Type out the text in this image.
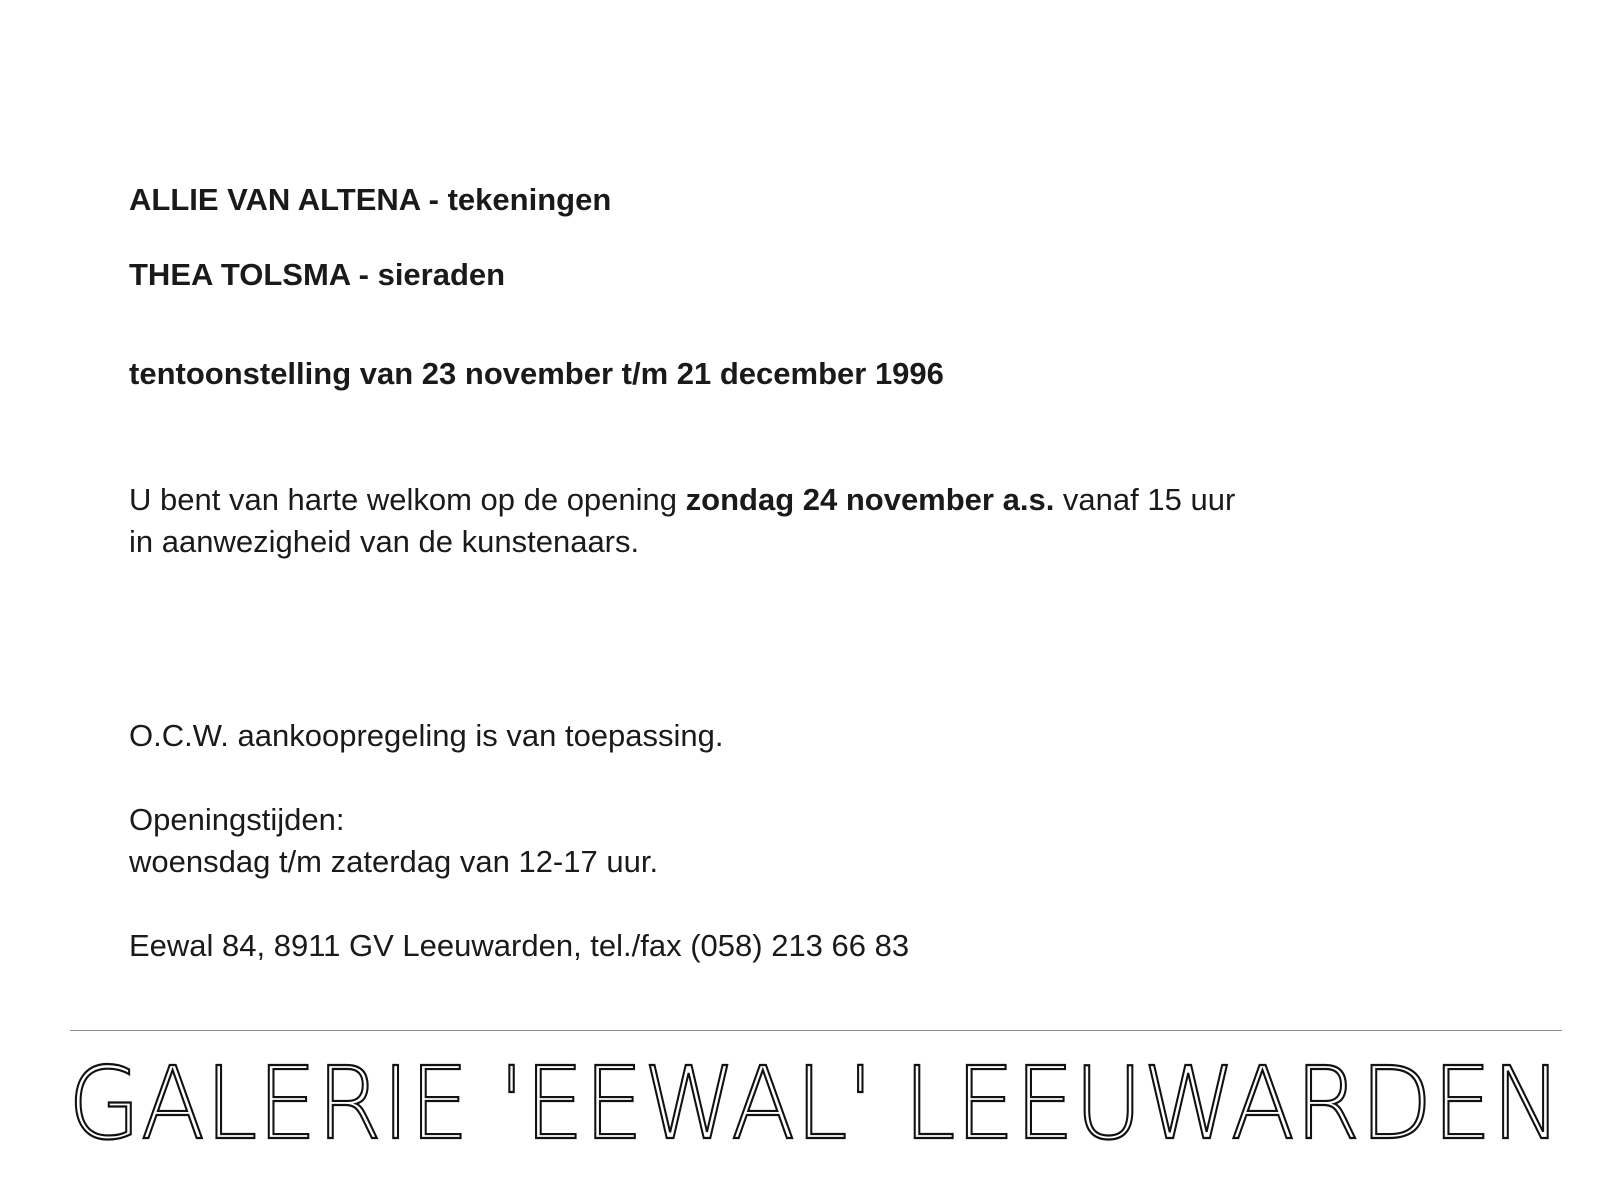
ALLIE VAN ALTENA - tekeningen
THEA TOLSMA - sieraden
tentoonstelling van 23 november t/m 21 december 1996
U bent van harte welkom op de opening zondag 24 november a.s. vanaf 15 uur
in aanwezigheid van de kunstenaars.
O.C.W. aankoopregeling is van toepassing.
Openingstijden:
woensdag t/m zaterdag van 12-17 uur.
Eewal 84, 8911 GV Leeuwarden, tel./fax (058) 213 66 83
GALERIE 'EEWAL' LEEUWARDEN
